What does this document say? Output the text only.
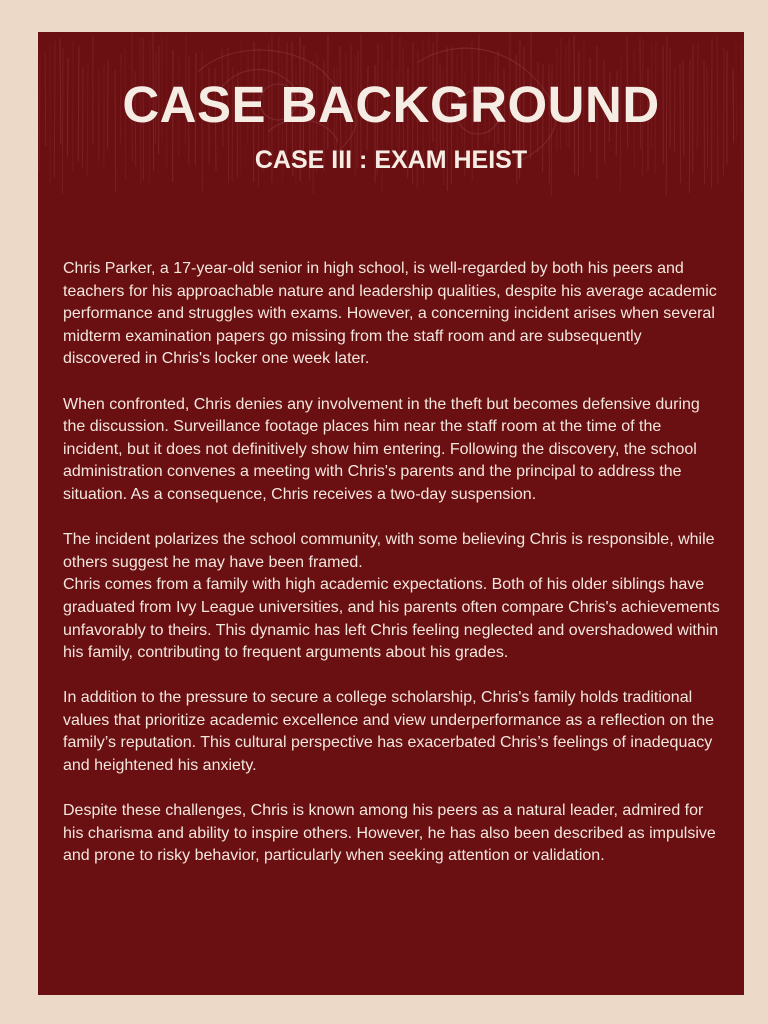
CASE BACKGROUND
CASE III : EXAM HEIST

Chris Parker, a 17-year-old senior in high school, is well-regarded by both his peers and teachers for his approachable nature and leadership qualities, despite his average academic performance and struggles with exams. However, a concerning incident arises when several midterm examination papers go missing from the staff room and are subsequently discovered in Chris's locker one week later.

When confronted, Chris denies any involvement in the theft but becomes defensive during the discussion. Surveillance footage places him near the staff room at the time of the incident, but it does not definitively show him entering. Following the discovery, the school administration convenes a meeting with Chris's parents and the principal to address the situation. As a consequence, Chris receives a two-day suspension.

The incident polarizes the school community, with some believing Chris is responsible, while others suggest he may have been framed.

Chris comes from a family with high academic expectations. Both of his older siblings have graduated from Ivy League universities, and his parents often compare Chris's achievements unfavorably to theirs. This dynamic has left Chris feeling neglected and overshadowed within his family, contributing to frequent arguments about his grades.

In addition to the pressure to secure a college scholarship, Chris's family holds traditional values that prioritize academic excellence and view underperformance as a reflection on the family’s reputation. This cultural perspective has exacerbated Chris’s feelings of inadequacy and heightened his anxiety.

Despite these challenges, Chris is known among his peers as a natural leader, admired for his charisma and ability to inspire others. However, he has also been described as impulsive and prone to risky behavior, particularly when seeking attention or validation.
